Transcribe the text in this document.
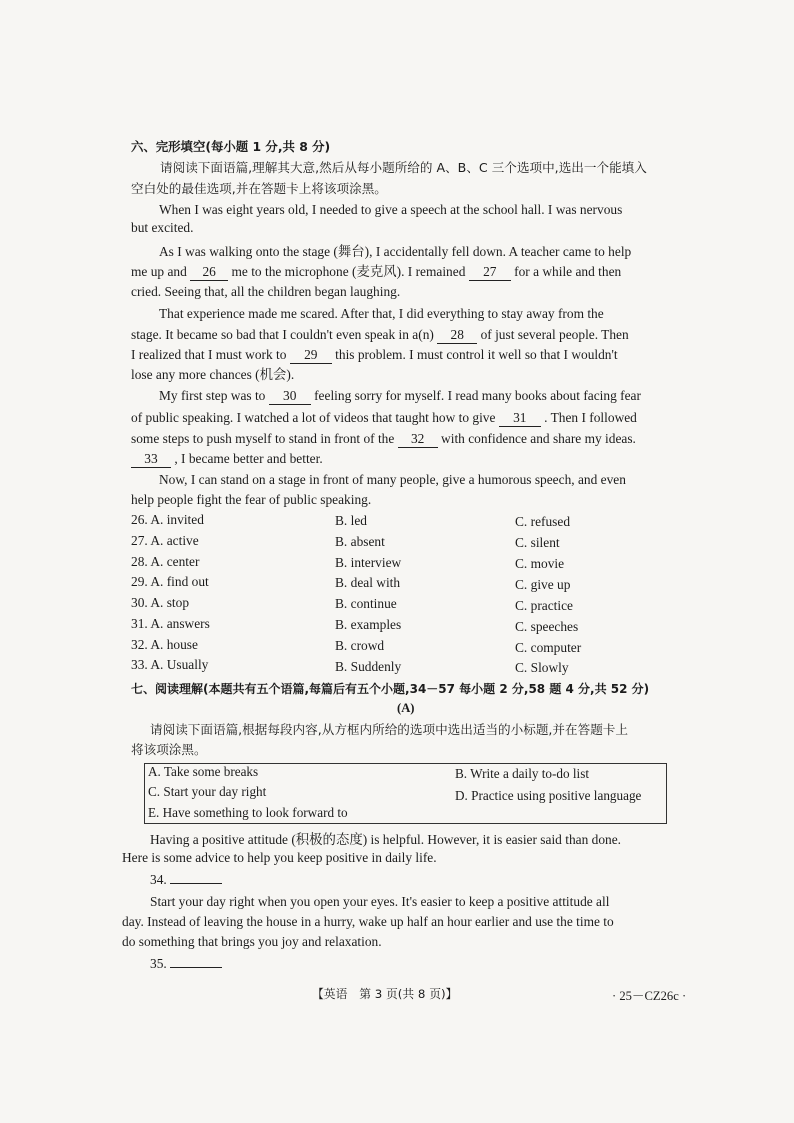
六、完形填空(每小题 1 分,共 8 分)
请阅读下面语篇,理解其大意,然后从每小题所给的 A、B、C 三个选项中,选出一个能填入
空白处的最佳选项,并在答题卡上将该项涂黑。
When I was eight years old, I needed to give a speech at the school hall. I was nervous
but excited.
As I was walking onto the stage (舞台), I accidentally fell down. A teacher came to help
me up and 26 me to the microphone (麦克风). I remained 27 for a while and then
cried. Seeing that, all the children began laughing.
That experience made me scared. After that, I did everything to stay away from the
stage. It became so bad that I couldn't even speak in a(n) 28 of just several people. Then
I realized that I must work to 29 this problem. I must control it well so that I wouldn't
lose any more chances (机会).
My first step was to 30 feeling sorry for myself. I read many books about facing fear
of public speaking. I watched a lot of videos that taught how to give 31 . Then I followed
some steps to push myself to stand in front of the 32 with confidence and share my ideas.
33 , I became better and better.
Now, I can stand on a stage in front of many people, give a humorous speech, and even
help people fight the fear of public speaking.
26. A. invited	B. led	C. refused
27. A. active	B. absent	C. silent
28. A. center	B. interview	C. movie
29. A. find out	B. deal with	C. give up
30. A. stop	B. continue	C. practice
31. A. answers	B. examples	C. speeches
32. A. house	B. crowd	C. computer
33. A. Usually	B. Suddenly	C. Slowly
七、阅读理解(本题共有五个语篇,每篇后有五个小题,34－57 每小题 2 分,58 题 4 分,共 52 分)
(A)
请阅读下面语篇,根据每段内容,从方框内所给的选项中选出适当的小标题,并在答题卡上
将该项涂黑。
A. Take some breaks	B. Write a daily to-do list
C. Start your day right	D. Practice using positive language
E. Have something to look forward to
Having a positive attitude (积极的态度) is helpful. However, it is easier said than done.
Here is some advice to help you keep positive in daily life.
34.
Start your day right when you open your eyes. It's easier to keep a positive attitude all
day. Instead of leaving the house in a hurry, wake up half an hour earlier and use the time to
do something that brings you joy and relaxation.
35.
【英语　第 3 页(共 8 页)】	· 25－CZ26c ·
